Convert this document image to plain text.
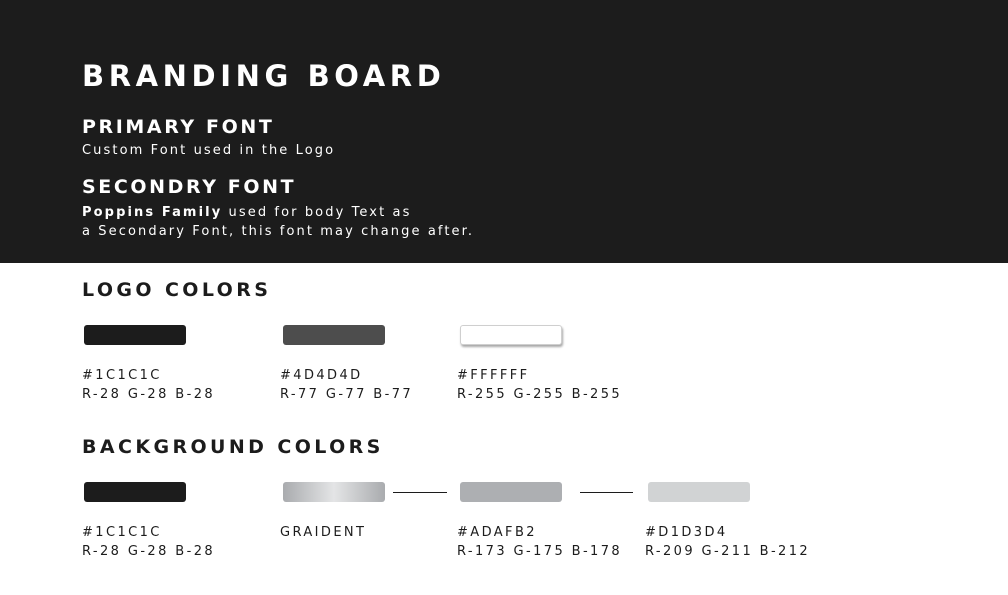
BRANDING BOARD
PRIMARY FONT
Custom Font used in the Logo
SECONDRY FONT
Poppins Family used for body Text as
a Secondary Font, this font may change after.
LOGO COLORS
#1C1C1C
R-28 G-28 B-28
#4D4D4D
R-77 G-77 B-77
#FFFFFF
R-255 G-255 B-255
BACKGROUND COLORS
#1C1C1C
R-28 G-28 B-28
GRAIDENT	#ADAFB2
R-173 G-175 B-178
#D1D3D4
R-209 G-211 B-212
